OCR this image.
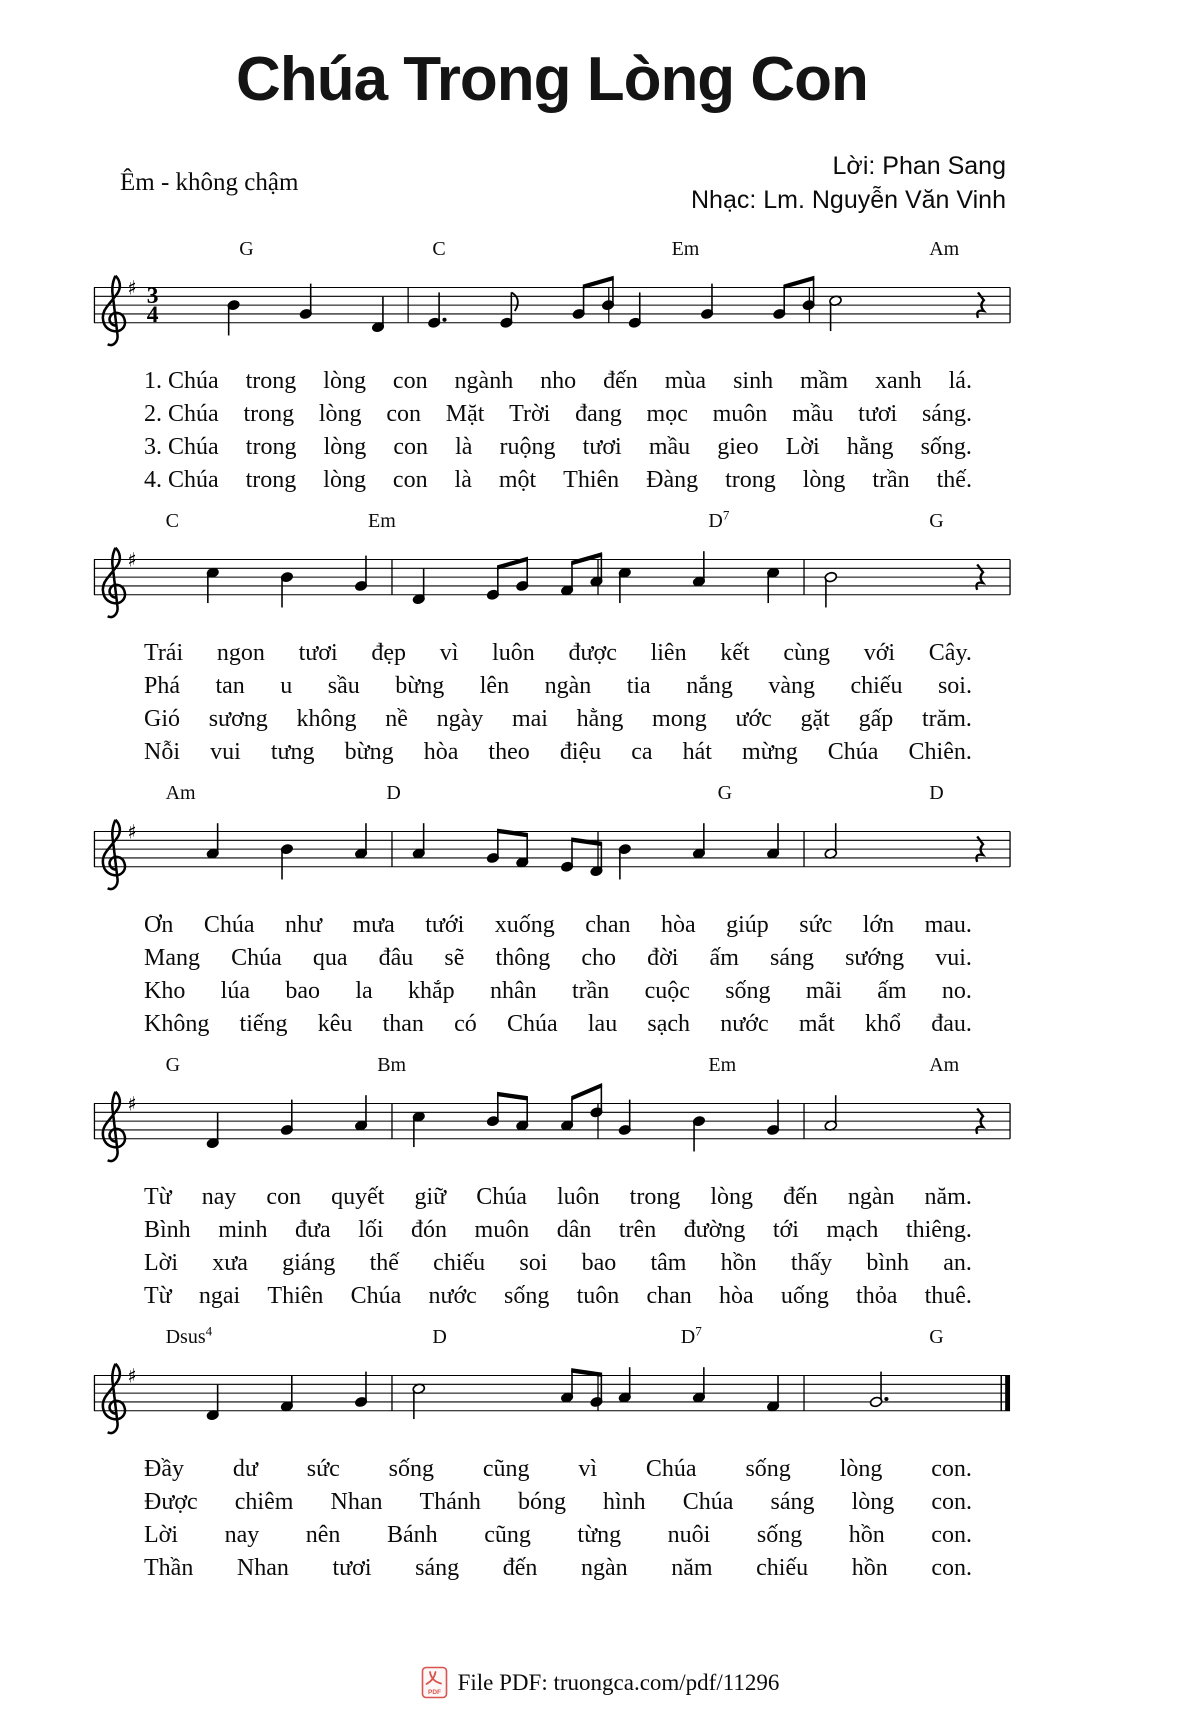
Chúa Trong Lòng Con
Êm - không chậm
Lời: Phan Sang
Nhạc: Lm. Nguyễn Văn Vinh
G	C	Em	Am
♯ 3
4
1. Chúa trong lòng con ngành nho đến mùa sinh mầm xanh lá.
2. Chúa trong lòng con Mặt Trời đang mọc muôn mầu tươi sáng.
3. Chúa trong lòng con là ruộng tươi mầu gieo Lời hằng sống.
4. Chúa trong lòng con là một Thiên Đàng trong lòng trần thế.
C	Em	$D^7$	G
♯
Trái ngon tươi đẹp vì luôn được liên kết cùng với Cây.
Phá tan u sầu bừng lên ngàn tia nắng vàng chiếu soi.
Gió sương không nề ngày mai hằng mong ước gặt gấp trăm.
Nỗi vui tưng bừng hòa theo điệu ca hát mừng Chúa Chiên.
Am	D	G	D
♯
Ơn Chúa như mưa tưới xuống chan hòa giúp sức lớn mau.
Mang Chúa qua đâu sẽ thông cho đời ấm sáng sướng vui.
Kho lúa bao la khắp nhân trần cuộc sống mãi ấm no.
Không tiếng kêu than có Chúa lau sạch nước mắt khổ đau.
G	Bm	Em	Am
♯
Từ nay con quyết giữ Chúa luôn trong lòng đến ngàn năm.
Bình minh đưa lối đón muôn dân trên đường tới mạch thiêng.
Lời xưa giáng thế chiếu soi bao tâm hồn thấy bình an.
Từ ngai Thiên Chúa nước sống tuôn chan hòa uống thỏa thuê.
Dsus$^4$	D	$D^7$	G
♯
Đầy dư sức sống cũng vì Chúa sống lòng con.
Được chiêm Nhan Thánh bóng hình Chúa sáng lòng con.
Lời nay nên Bánh cũng từng nuôi sống hồn con.
Thần Nhan tươi sáng đến ngàn năm chiếu hồn con.
PDF File PDF: truongca.com/pdf/11296
